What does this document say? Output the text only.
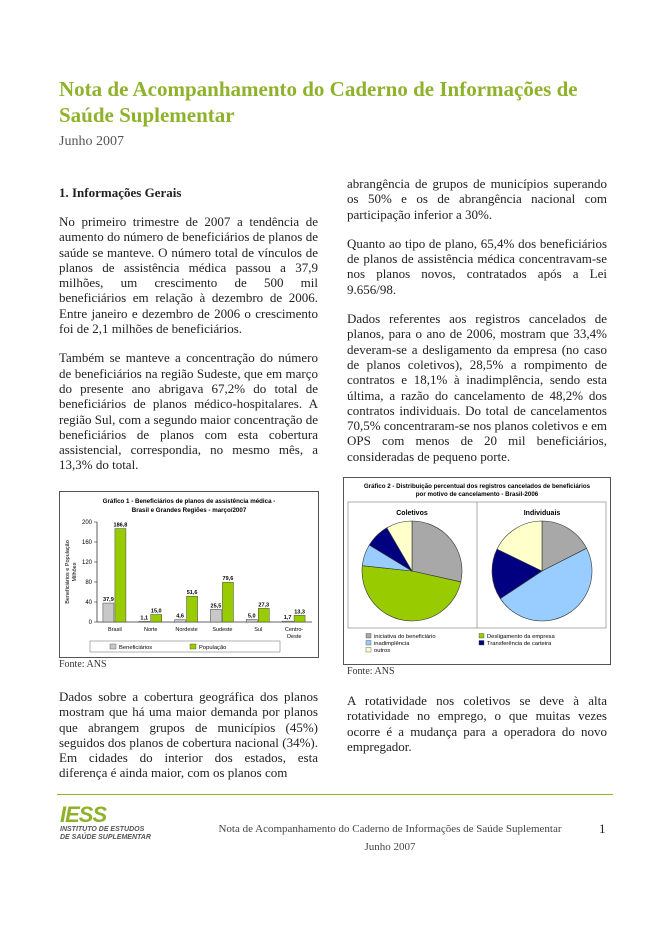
Nota de Acompanhamento do Caderno de Informações de Saúde Suplementar
Junho 2007
1. Informações Gerais

No primeiro trimestre de 2007 a tendência de aumento do número de beneficiários de planos de saúde se manteve. O número total de vínculos de planos de assistência médica passou a 37,9 milhões, um crescimento de 500 mil beneficiários em relação à dezembro de 2006. Entre janeiro e dezembro de 2006 o crescimento foi de 2,1 milhões de beneficiários.

Também se manteve a concentração do número de beneficiários na região Sudeste, que em março do presente ano abrigava 67,2% do total de beneficiários de planos médico-hospitalares. A região Sul, com a segundo maior concentração de beneficiários de planos com esta cobertura assistencial, correspondia, no mesmo mês, a 13,3% do total.

Gráfico 1 - Beneficiários de planos de assistência médica -
Brasil e Grandes Regiões - março/2007
0
40
80
120
160
200
Beneficiários e População Milhões
37,9
186,8
Brasil
1,1
15,0
Norte
4,6
51,6
Nordeste
25,5
79,6
Sudeste
5,0
27,3
Sul
1,7
13,3
Centro-
Oeste
Beneficiários	População
Fonte: ANS
Dados sobre a cobertura geográfica dos planos mostram que há uma maior demanda por planos que abrangem grupos de municípios (45%) seguidos dos planos de cobertura nacional (34%). Em cidades do interior dos estados, esta diferença é ainda maior, com os planos com

abrangência de grupos de municípios superando os 50% e os de abrangência nacional com participação inferior a 30%.

Quanto ao tipo de plano, 65,4% dos beneficiários de planos de assistência médica concentravam-se nos planos novos, contratados após a Lei 9.656/98.

Dados referentes aos registros cancelados de planos, para o ano de 2006, mostram que 33,4% deveram-se a desligamento da empresa (no caso de planos coletivos), 28,5% a rompimento de contratos e 18,1% à inadimplência, sendo esta última, a razão do cancelamento de 48,2% dos contratos individuais. Do total de cancelamentos 70,5% concentraram-se nos planos coletivos e em OPS com menos de 20 mil beneficiários, consideradas de pequeno porte.

Gráfico 2 - Distribuição percentual dos registros cancelados de beneficiários
por motivo de cancelamento - Brasil-2006
Coletivos	Individuais
iniciativa do beneficiário	Desligamento da empresa
inadimplência	Transferência de carteira
outros
Fonte: ANS
A rotatividade nos coletivos se deve à alta rotatividade no emprego, o que muitas vezes ocorre é a mudança para a operadora do novo empregador.
IESS
INSTITUTO DE ESTUDOS
DE SAÚDE SUPLEMENTAR
Nota de Acompanhamento do Caderno de Informações de Saúde Suplementar
Junho 2007
1
